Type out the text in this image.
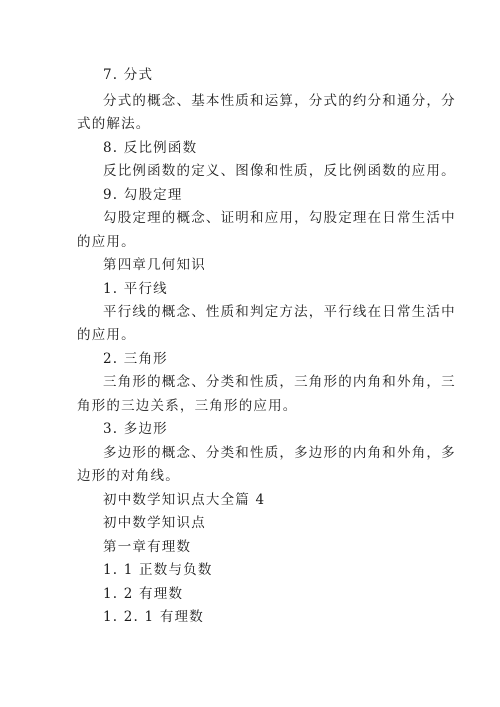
7. 分式
分式的概念、基本性质和运算，分式的约分和通分，分
式的解法。
8. 反比例函数
反比例函数的定义、图像和性质，反比例函数的应用。
9. 勾股定理
勾股定理的概念、证明和应用，勾股定理在日常生活中
的应用。
第四章几何知识
1. 平行线
平行线的概念、性质和判定方法，平行线在日常生活中
的应用。
2. 三角形
三角形的概念、分类和性质，三角形的内角和外角，三
角形的三边关系，三角形的应用。
3. 多边形
多边形的概念、分类和性质，多边形的内角和外角，多
边形的对角线。
初中数学知识点大全篇 4
初中数学知识点
第一章有理数
1. 1 正数与负数
1. 2 有理数
1. 2. 1 有理数
